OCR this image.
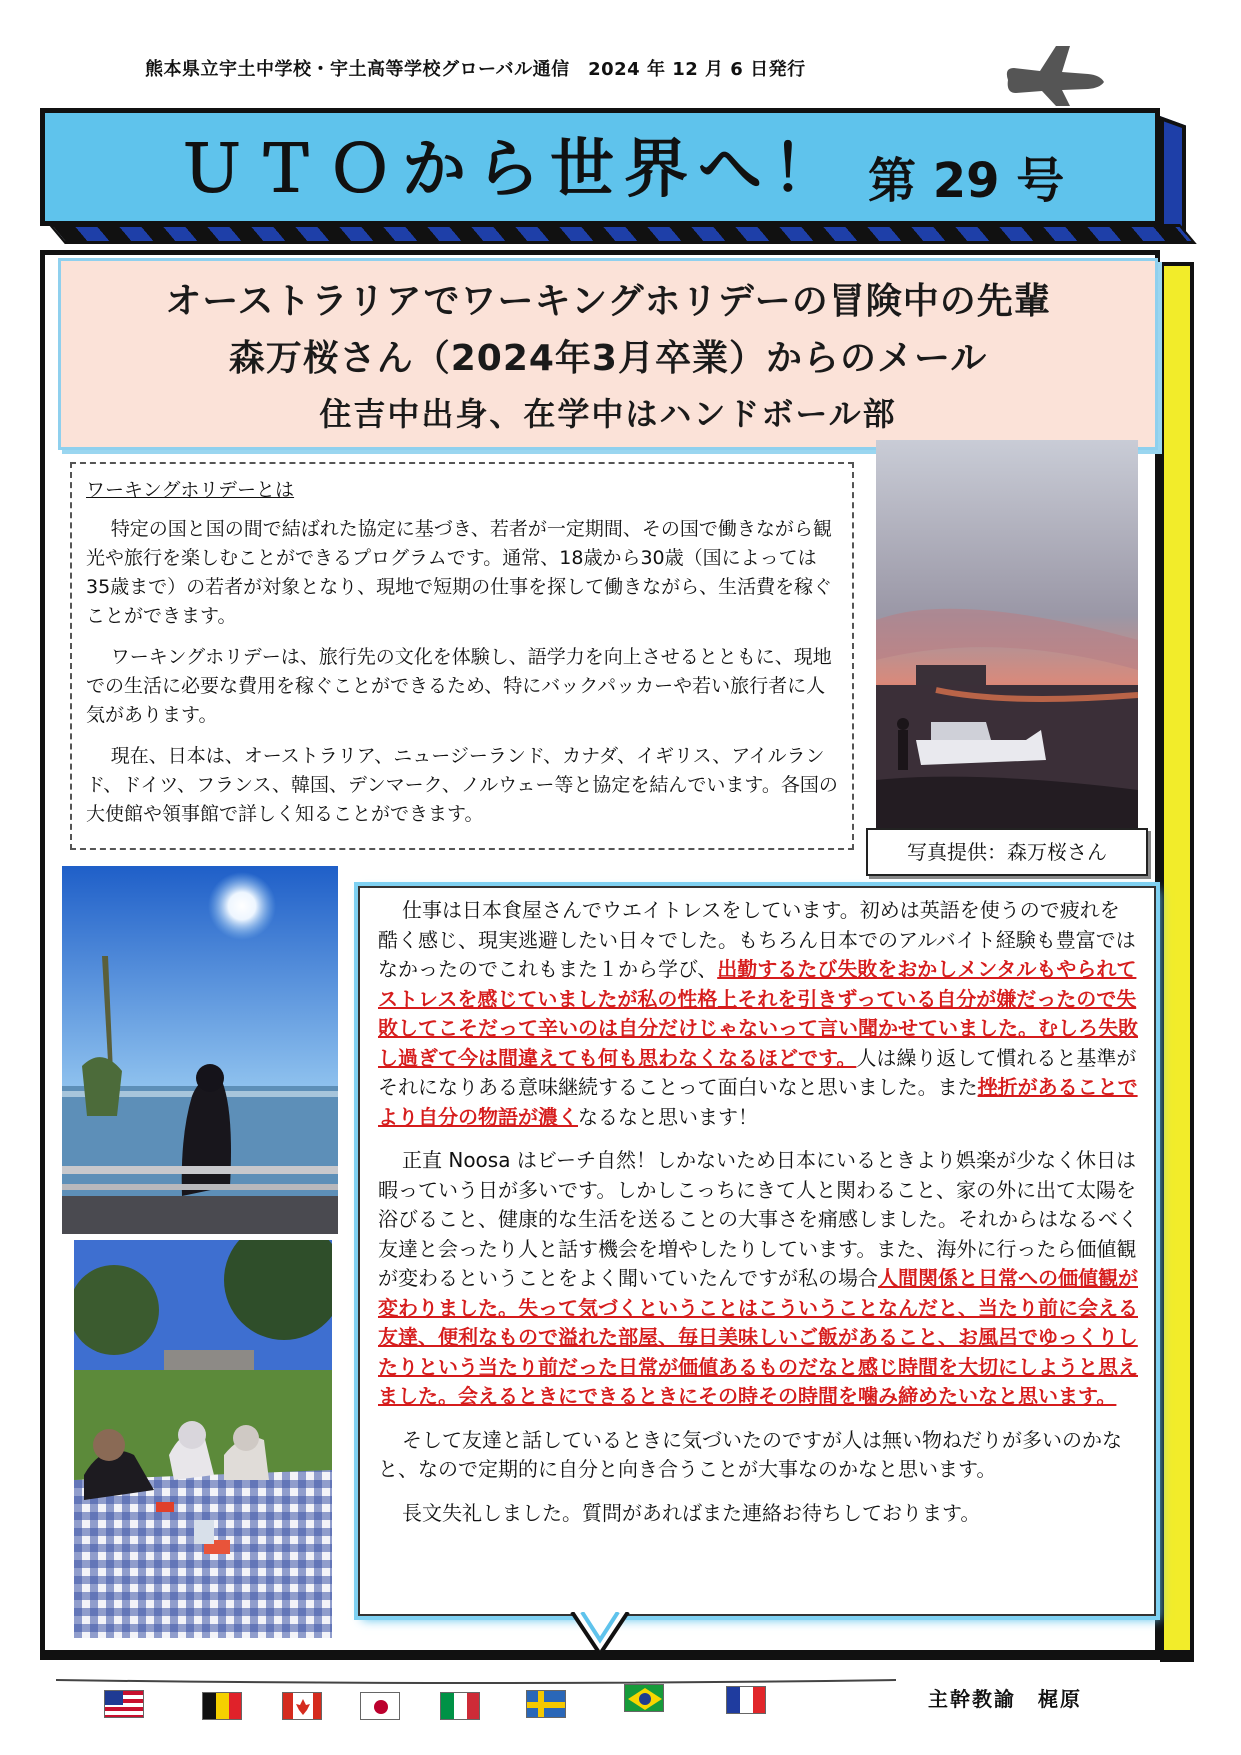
熊本県立宇土中学校・宇土高等学校グローバル通信　2024 年 12 月 6 日発行
ＵＴＯから世界へ！ 第 29 号
オーストラリアでワーキングホリデーの冒険中の先輩
森万桜さん（2024年3月卒業）からのメール
住吉中出身、在学中はハンドボール部
ワーキングホリデーとは

特定の国と国の間で結ばれた協定に基づき、若者が一定期間、その国で働きながら観光や旅行を楽しむことができるプログラムです。通常、18歳から30歳（国によっては35歳まで）の若者が対象となり、現地で短期の仕事を探して働きながら、生活費を稼ぐことができます。

ワーキングホリデーは、旅行先の文化を体験し、語学力を向上させるとともに、現地での生活に必要な費用を稼ぐことができるため、特にバックパッカーや若い旅行者に人気があります。

現在、日本は、オーストラリア、ニュージーランド、カナダ、イギリス、アイルランド、ドイツ、フランス、韓国、デンマーク、ノルウェー等と協定を結んでいます。各国の大使館や領事館で詳しく知ることができます。

写真提供：森万桜さん

仕事は日本食屋さんでウエイトレスをしています。初めは英語を使うので疲れを酷く感じ、現実逃避したい日々でした。もちろん日本でのアルバイト経験も豊富ではなかったのでこれもまた１から学び、出勤するたび失敗をおかしメンタルもやられてストレスを感じていましたが私の性格上それを引きずっている自分が嫌だったので失敗してこそだって辛いのは自分だけじゃないって言い聞かせていました。むしろ失敗し過ぎて今は間違えても何も思わなくなるほどです。人は繰り返して慣れると基準がそれになりある意味継続することって面白いなと思いました。また挫折があることでより自分の物語が濃くなるなと思います！

正直 Noosa はビーチ自然！しかないため日本にいるときより娯楽が少なく休日は暇っていう日が多いです。しかしこっちにきて人と関わること、家の外に出て太陽を浴びること、健康的な生活を送ることの大事さを痛感しました。それからはなるべく友達と会ったり人と話す機会を増やしたりしています。また、海外に行ったら価値観が変わるということをよく聞いていたんですが私の場合人間関係と日常への価値観が変わりました。失って気づくということはこういうことなんだと、当たり前に会える友達、便利なもので溢れた部屋、毎日美味しいご飯があること、お風呂でゆっくりしたりという当たり前だった日常が価値あるものだなと感じ時間を大切にしようと思えました。会えるときにできるときにその時その時間を噛み締めたいなと思います。

そして友達と話しているときに気づいたのですが人は無い物ねだりが多いのかなと、なので定期的に自分と向き合うことが大事なのかなと思います。

長文失礼しました。質問があればまた連絡お待ちしております。

主幹教諭　梶原
